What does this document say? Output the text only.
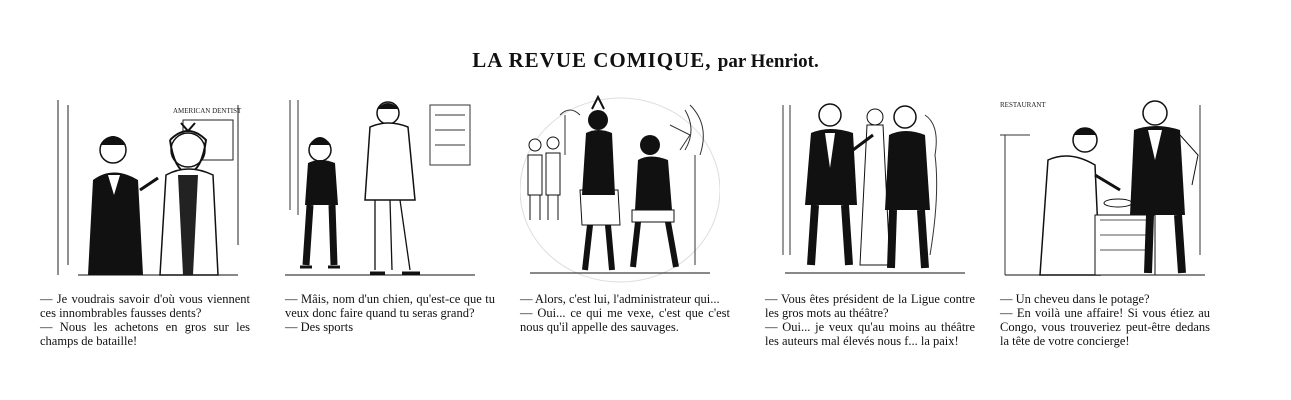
LA REVUE COMIQUE, par Henriot.
AMERICAN DENTIST

— Je voudrais savoir d'où vous viennent ces innombrables fausses dents?

— Nous les achetons en gros sur les champs de bataille!

— Mâis, nom d'un chien, qu'est-ce que tu veux donc faire quand tu seras grand?

— Des sports

— Alors, c'est lui, l'administrateur qui...

— Oui... ce qui me vexe, c'est que c'est nous qu'il appelle des sauvages.

— Vous êtes président de la Ligue contre les gros mots au théâtre?

— Oui... je veux qu'au moins au théâtre les auteurs mal élevés nous f... la paix!

RESTAURANT

— Un cheveu dans le potage?

— En voilà une affaire! Si vous étiez au Congo, vous trouveriez peut-être dedans la tête de votre concierge!
